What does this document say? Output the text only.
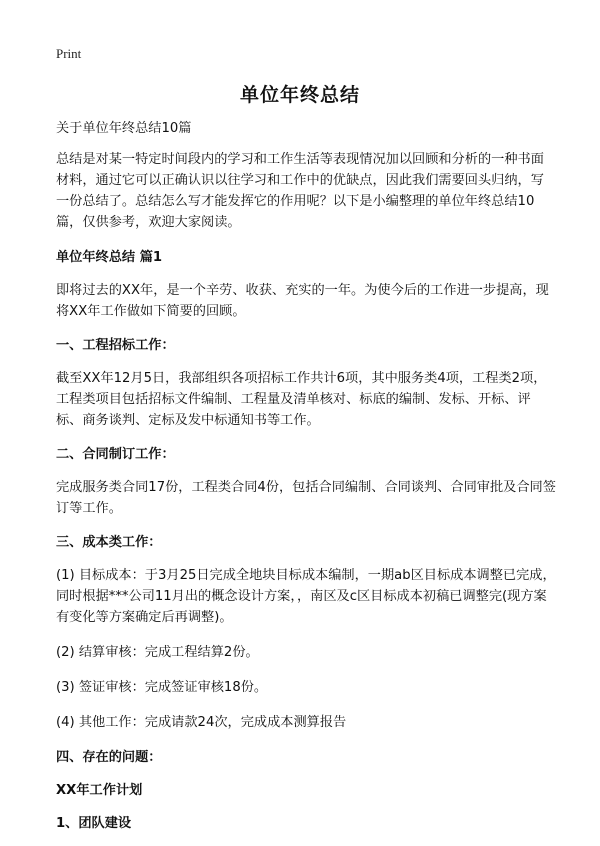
Print
单位年终总结

关于单位年终总结10篇

总结是对某一特定时间段内的学习和工作生活等表现情况加以回顾和分析的一种书面材料，通过它可以正确认识以往学习和工作中的优缺点，因此我们需要回头归纳，写一份总结了。总结怎么写才能发挥它的作用呢？以下是小编整理的单位年终总结10篇，仅供参考，欢迎大家阅读。

单位年终总结 篇1

即将过去的XX年，是一个辛劳、收获、充实的一年。为使今后的工作进一步提高，现将XX年工作做如下简要的回顾。

一、工程招标工作：

截至XX年12月5日，我部组织各项招标工作共计6项，其中服务类4项，工程类2项，工程类项目包括招标文件编制、工程量及清单核对、标底的编制、发标、开标、评标、商务谈判、定标及发中标通知书等工作。

二、合同制订工作：

完成服务类合同17份，工程类合同4份，包括合同编制、合同谈判、合同审批及合同签订等工作。

三、成本类工作：

(1) 目标成本：于3月25日完成全地块目标成本编制，一期ab区目标成本调整已完成，同时根据***公司11月出的概念设计方案，，南区及c区目标成本初稿已调整完(现方案有变化等方案确定后再调整)。

(2) 结算审核：完成工程结算2份。

(3) 签证审核：完成签证审核18份。

(4) 其他工作：完成请款24次，完成成本测算报告

四、存在的问题：

XX年工作计划

1、团队建设
